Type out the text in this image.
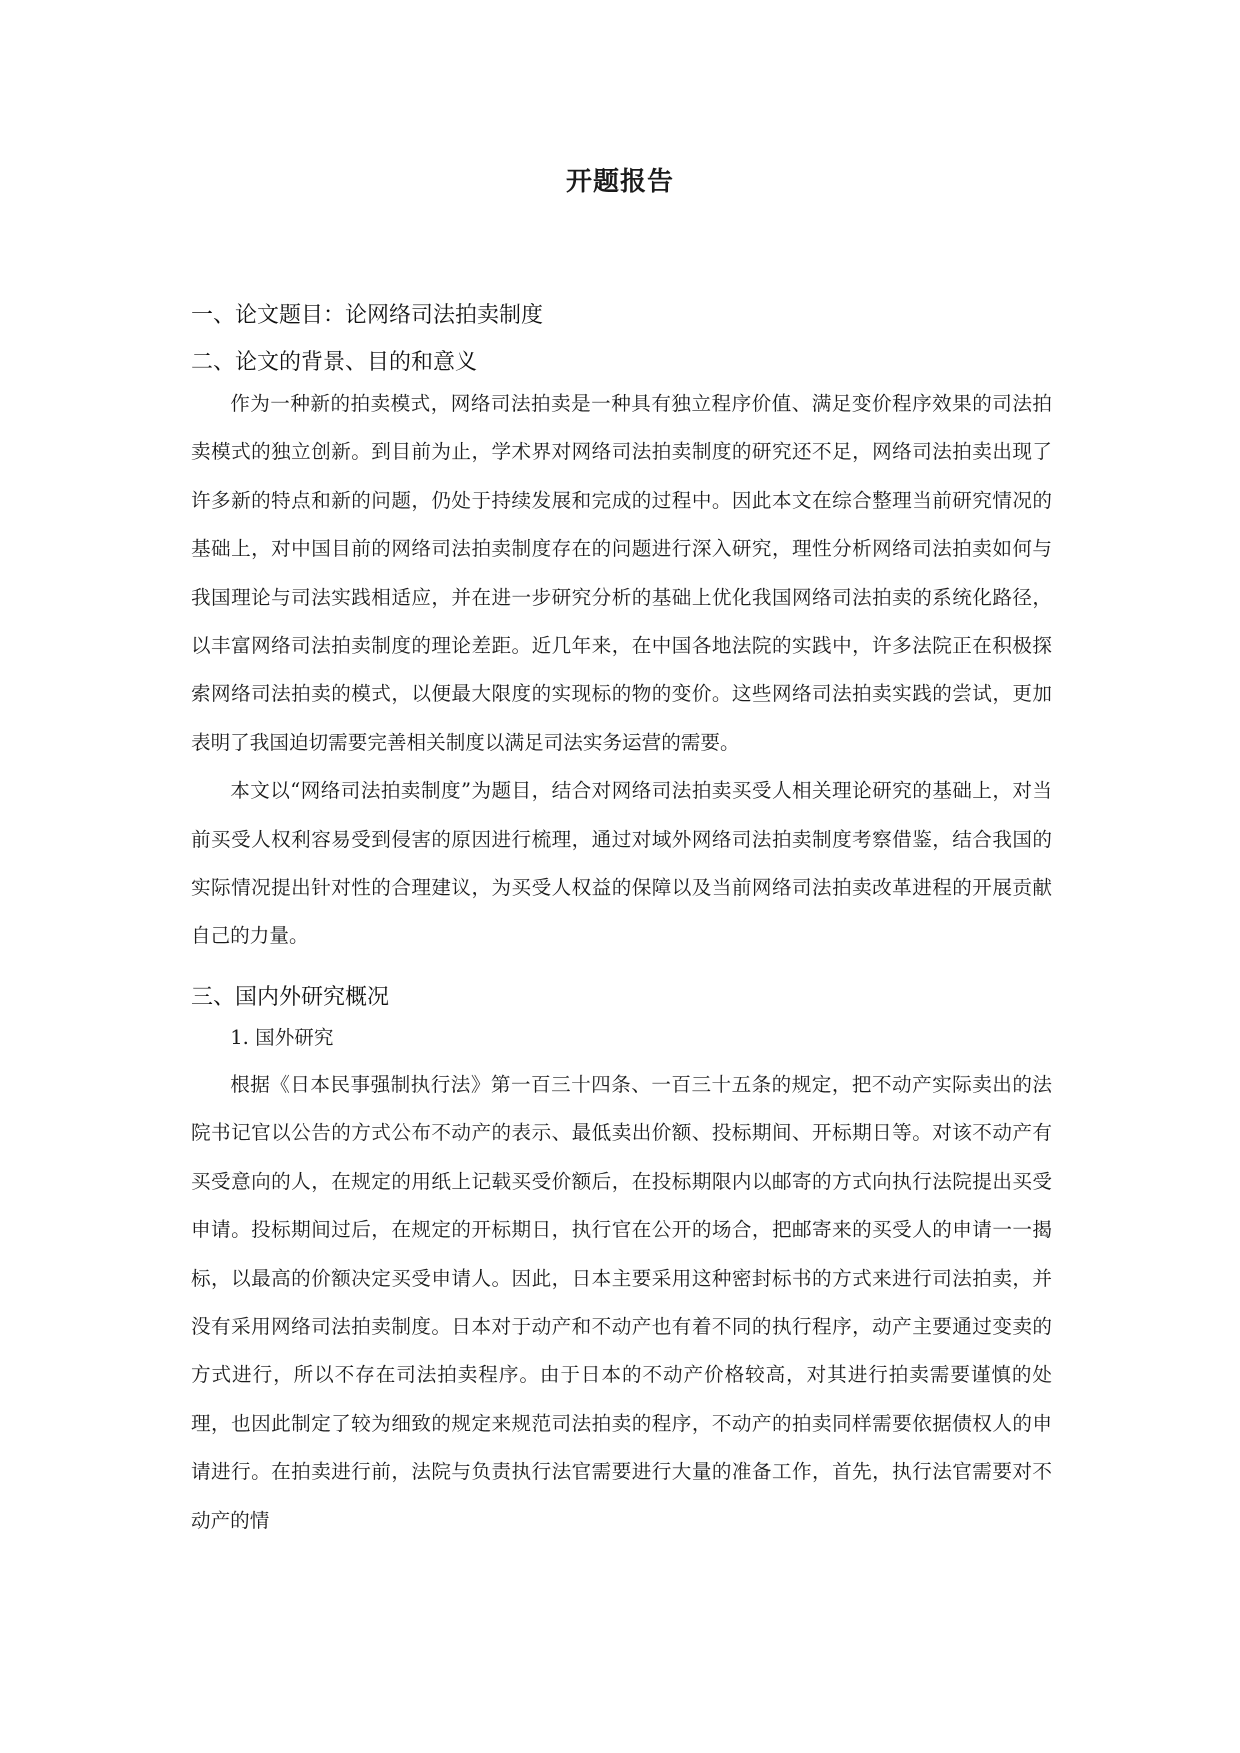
开题报告
一、论文题目：论网络司法拍卖制度
二、论文的背景、目的和意义

作为一种新的拍卖模式，网络司法拍卖是一种具有独立程序价值、满足变价程序效果的司法拍卖模式的独立创新。到目前为止，学术界对网络司法拍卖制度的研究还不足，网络司法拍卖出现了许多新的特点和新的问题，仍处于持续发展和完成的过程中。因此本文在综合整理当前研究情况的基础上，对中国目前的网络司法拍卖制度存在的问题进行深入研究，理性分析网络司法拍卖如何与我国理论与司法实践相适应，并在进一步研究分析的基础上优化我国网络司法拍卖的系统化路径，以丰富网络司法拍卖制度的理论差距。近几年来，在中国各地法院的实践中，许多法院正在积极探索网络司法拍卖的模式，以便最大限度的实现标的物的变价。这些网络司法拍卖实践的尝试，更加表明了我国迫切需要完善相关制度以满足司法实务运营的需要。

本文以“网络司法拍卖制度”为题目，结合对网络司法拍卖买受人相关理论研究的基础上，对当前买受人权利容易受到侵害的原因进行梳理，通过对域外网络司法拍卖制度考察借鉴，结合我国的实际情况提出针对性的合理建议，为买受人权益的保障以及当前网络司法拍卖改革进程的开展贡献自己的力量。

三、国内外研究概况
1. 国外研究

根据《日本民事强制执行法》第一百三十四条、一百三十五条的规定，把不动产实际卖出的法院书记官以公告的方式公布不动产的表示、最低卖出价额、投标期间、开标期日等。对该不动产有买受意向的人，在规定的用纸上记载买受价额后，在投标期限内以邮寄的方式向执行法院提出买受申请。投标期间过后，在规定的开标期日，执行官在公开的场合，把邮寄来的买受人的申请一一揭标，以最高的价额决定买受申请人。因此，日本主要采用这种密封标书的方式来进行司法拍卖，并没有采用网络司法拍卖制度。日本对于动产和不动产也有着不同的执行程序，动产主要通过变卖的方式进行，所以不存在司法拍卖程序。由于日本的不动产价格较高，对其进行拍卖需要谨慎的处理，也因此制定了较为细致的规定来规范司法拍卖的程序，不动产的拍卖同样需要依据债权人的申请进行。在拍卖进行前，法院与负责执行法官需要进行大量的准备工作，首先，执行法官需要对不动产的情
